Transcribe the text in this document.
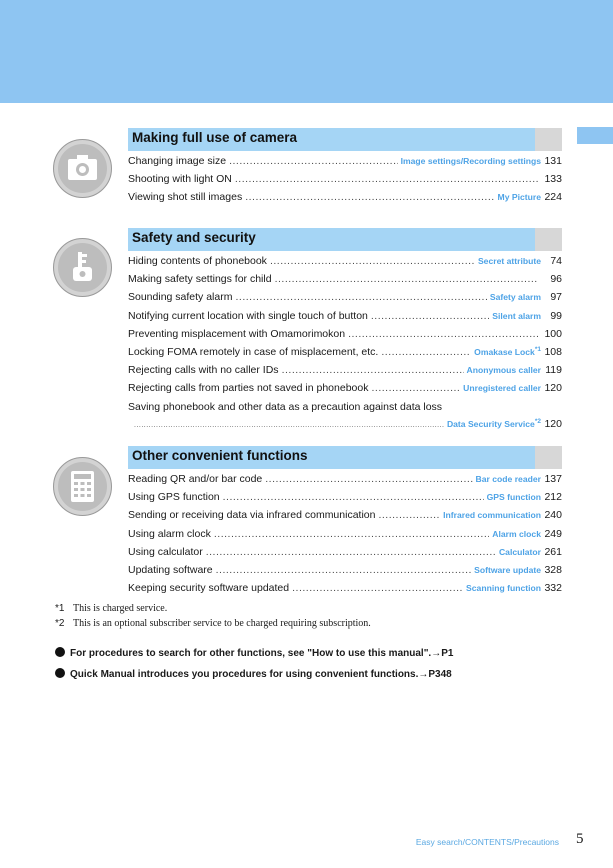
Making full use of camera
Changing image size .....	Image settings/Recording settings 131
Shooting with light ON .....	133
Viewing shot still images .....	My Picture 224
Safety and security
Hiding contents of phonebook .....	Secret attribute 74
Making safety settings for child .....	96
Sounding safety alarm .....	Safety alarm 97
Notifying current location with single touch of button .....	Silent alarm 99
Preventing misplacement with Omamorimokon .....	100
Locking FOMA remotely in case of misplacement, etc. .....	Omakase Lock$^{*1}$ 108
Rejecting calls with no caller IDs .....	Anonymous caller 119
Rejecting calls from parties not saved in phonebook .....	Unregistered caller 120
Saving phonebook and other data as a precaution against data loss
.....
Data Security Service$^{*2}$ 120
Other convenient functions
Reading QR and/or bar code .....	Bar code reader 137
Using GPS function .....	GPS function 212
Sending or receiving data via infrared communication .....	Infrared communication 240
Using alarm clock .....	Alarm clock 249
Using calculator .....	Calculator 261
Updating software .....	Software update 328
Keeping security software updated .....	Scanning function 332
*1 This is charged service.
*2 This is an optional subscriber service to be charged requiring subscription.
For procedures to search for other functions, see "How to use this manual".→P1
Quick Manual introduces you procedures for using convenient functions.→P348
Easy search/CONTENTS/Precautions 5
